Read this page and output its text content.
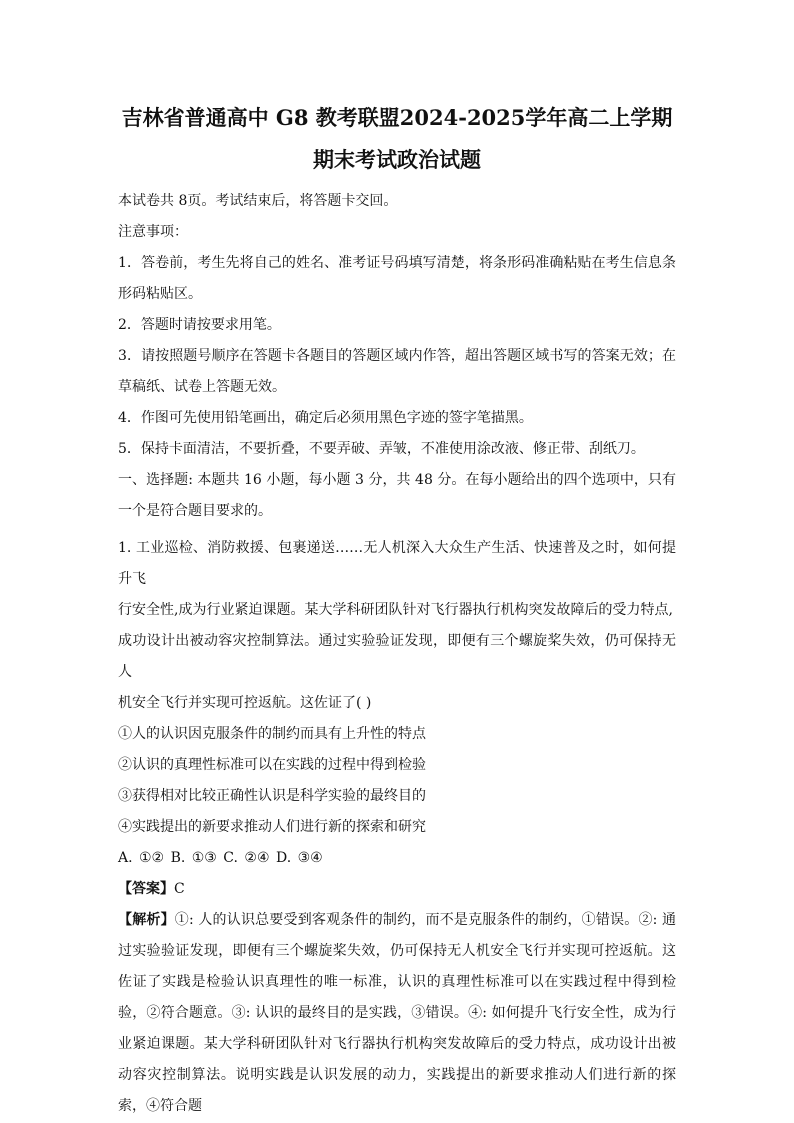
吉林省普通高中 G8 教考联盟2024-2025学年高二上学期
期末考试政治试题

本试卷共 8页。考试结束后，将答题卡交回。

注意事项：

1．答卷前，考生先将自己的姓名、准考证号码填写清楚，将条形码准确粘贴在考生信息条形码粘贴区。

2．答题时请按要求用笔。

3．请按照题号顺序在答题卡各题目的答题区域内作答，超出答题区域书写的答案无效；在草稿纸、试卷上答题无效。

4．作图可先使用铅笔画出，确定后必须用黑色字迹的签字笔描黑。

5．保持卡面清洁，不要折叠，不要弄破、弄皱，不准使用涂改液、修正带、刮纸刀。

一、选择题: 本题共 16 小题，每小题 3 分，共 48 分。在每小题给出的四个选项中，只有一个是符合题目要求的。

1. 工业巡检、消防救援、包裹递送……无人机深入大众生产生活、快速普及之时，如何提升飞
行安全性,成为行业紧迫课题。某大学科研团队针对飞行器执行机构突发故障后的受力特点,
成功设计出被动容灾控制算法。通过实验验证发现，即便有三个螺旋桨失效，仍可保持无人
机安全飞行并实现可控返航。这佐证了( )

①人的认识因克服条件的制约而具有上升性的特点

②认识的真理性标准可以在实践的过程中得到检验

③获得相对比较正确性认识是科学实验的最终目的

④实践提出的新要求推动人们进行新的探索和研究

A. ①② B. ①③ C. ②④ D. ③④

【答案】C

【解析】①: 人的认识总要受到客观条件的制约，而不是克服条件的制约，①错误。②: 通过实验验证发现，即便有三个螺旋桨失效，仍可保持无人机安全飞行并实现可控返航。这佐证了实践是检验认识真理性的唯一标准，认识的真理性标准可以在实践过程中得到检验，②符合题意。③: 认识的最终目的是实践，③错误。④: 如何提升飞行安全性，成为行业紧迫课题。某大学科研团队针对飞行器执行机构突发故障后的受力特点，成功设计出被动容灾控制算法。说明实践是认识发展的动力，实践提出的新要求推动人们进行新的探索，④符合题
